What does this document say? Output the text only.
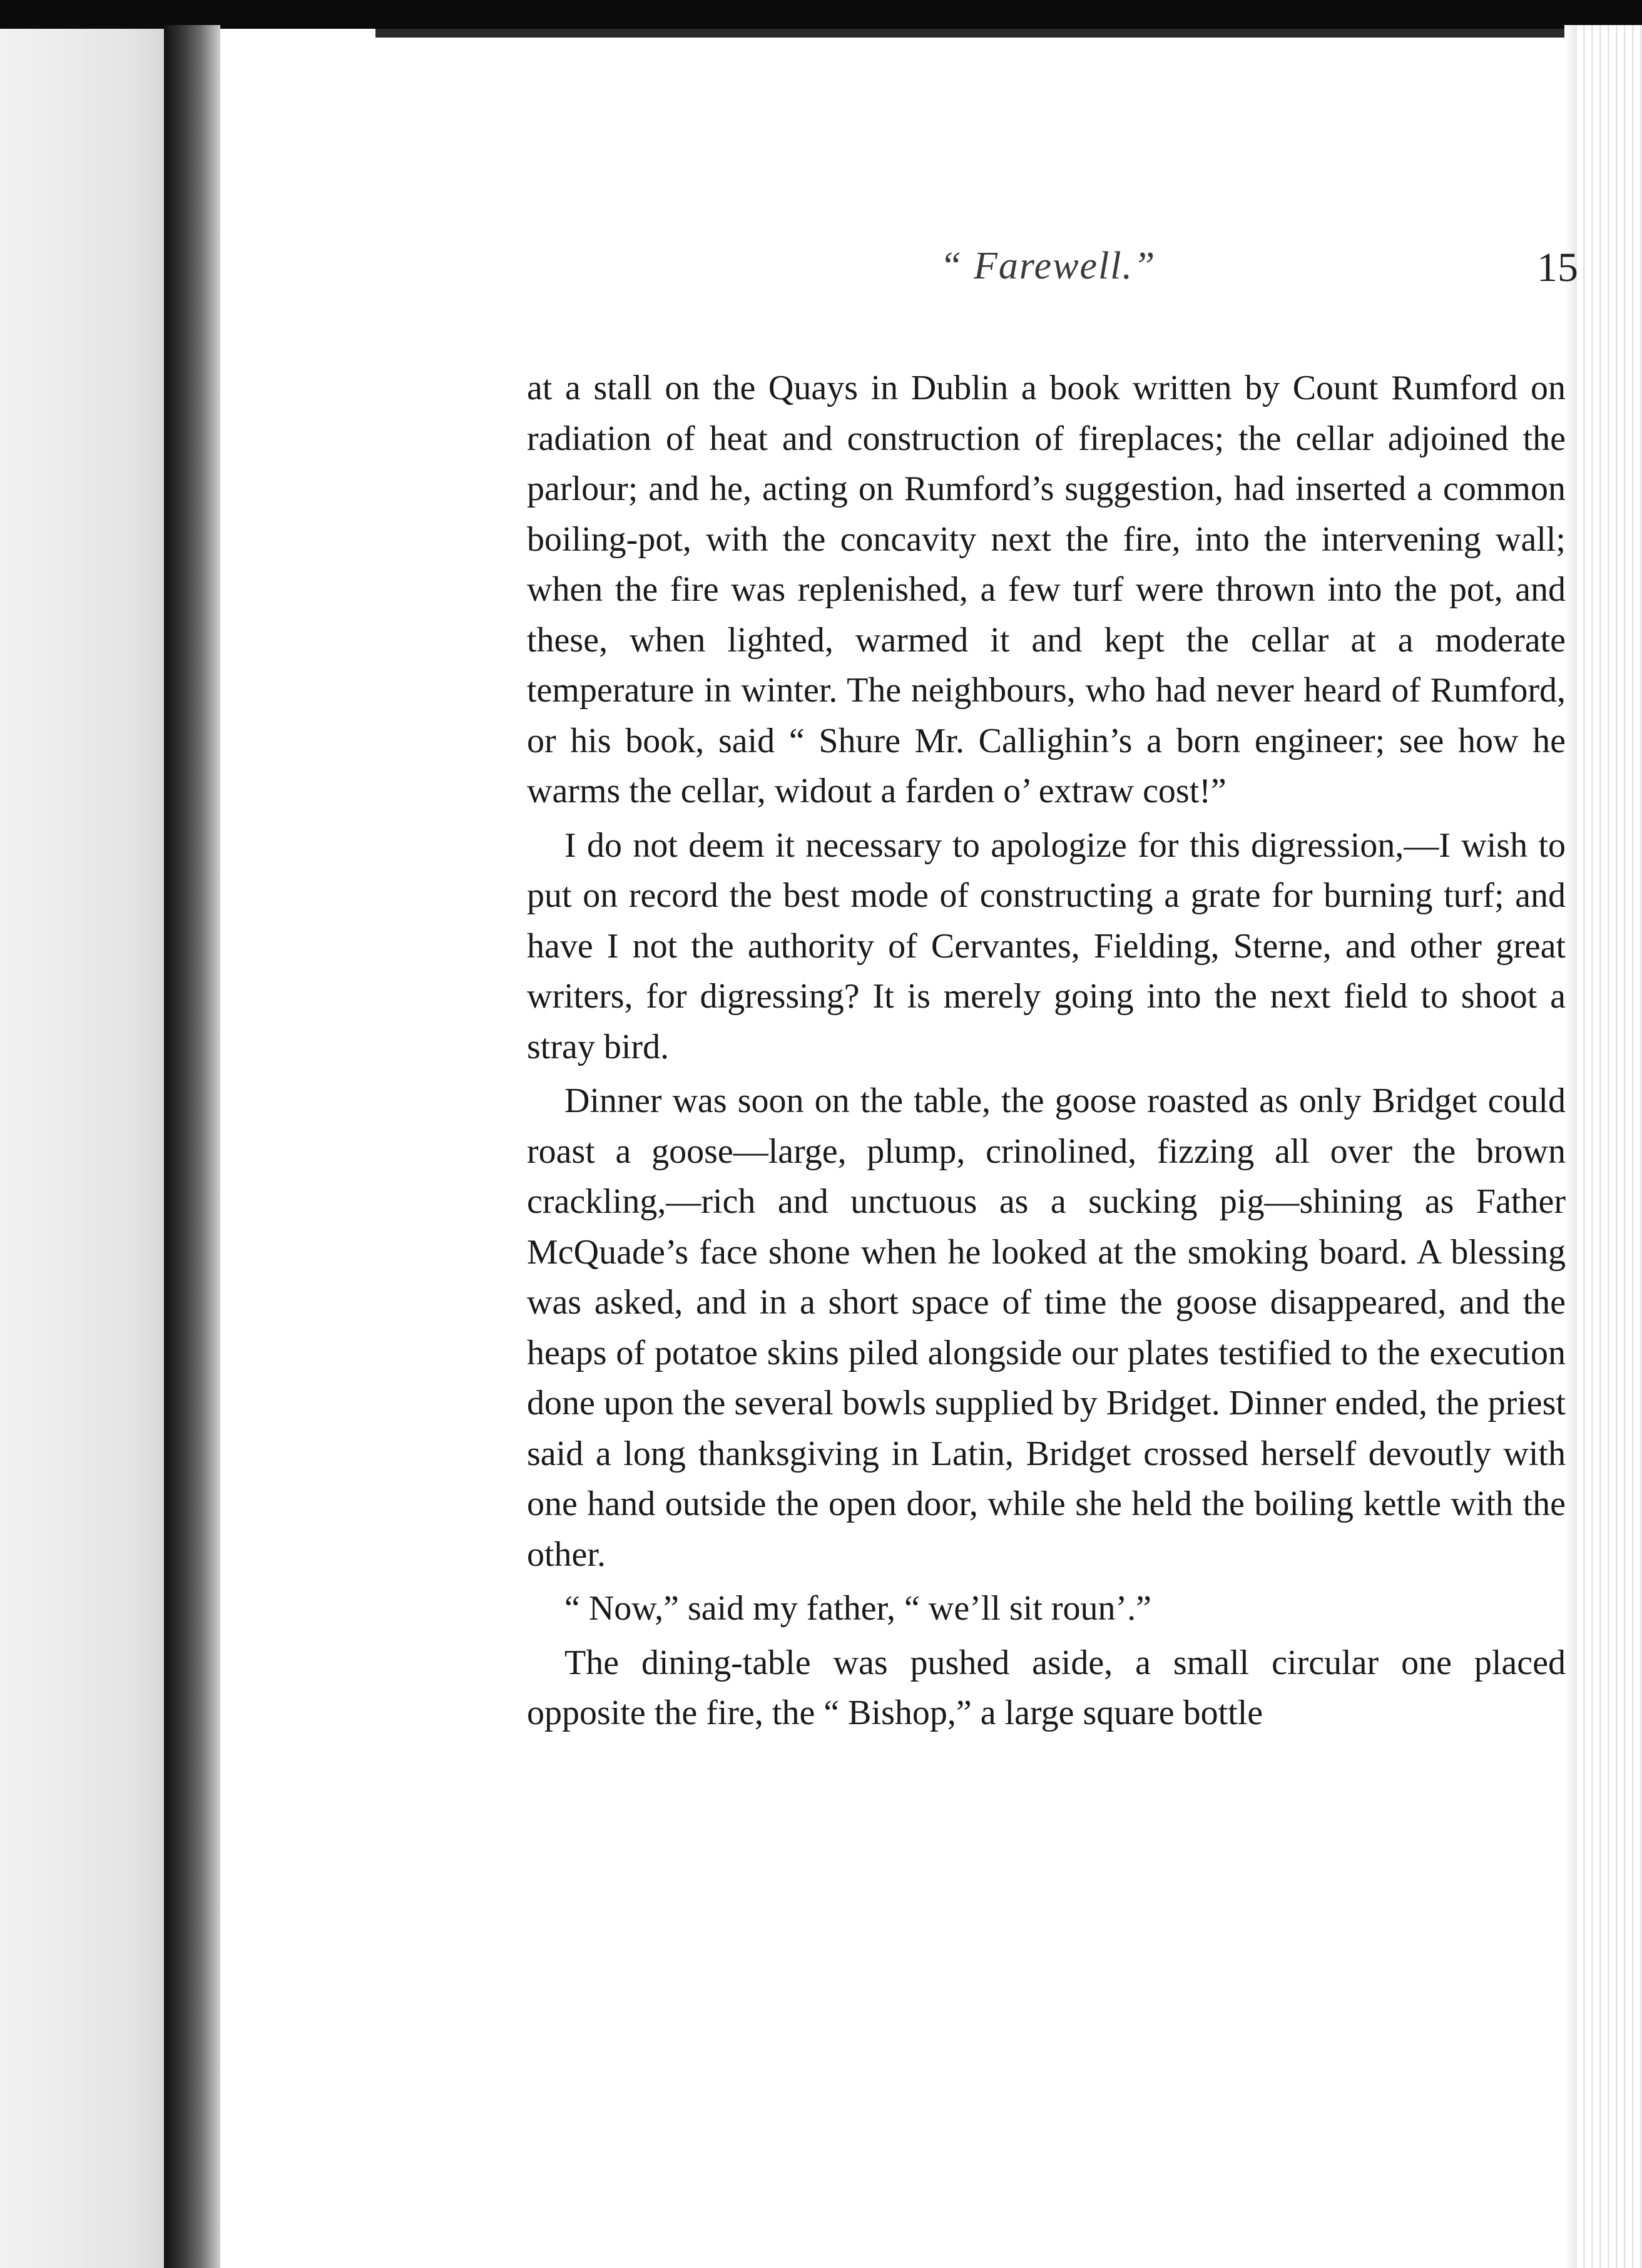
“ Farewell.”	15

at a stall on the Quays in Dublin a book written by Count Rumford on radiation of heat and construction of fireplaces; the cellar adjoined the parlour; and he, acting on Rumford’s suggestion, had inserted a common boiling-pot, with the concavity next the fire, into the intervening wall; when the fire was replenished, a few turf were thrown into the pot, and these, when lighted, warmed it and kept the cellar at a moderate temperature in winter. The neighbours, who had never heard of Rumford, or his book, said “ Shure Mr. Callighin’s a born engineer; see how he warms the cellar, widout a farden o’ extraw cost!”

I do not deem it necessary to apologize for this digression,—I wish to put on record the best mode of constructing a grate for burning turf; and have I not the authority of Cervantes, Fielding, Sterne, and other great writers, for digressing? It is merely going into the next field to shoot a stray bird.

Dinner was soon on the table, the goose roasted as only Bridget could roast a goose—large, plump, crinolined, fizzing all over the brown crackling,—rich and unctuous as a sucking pig—shining as Father McQuade’s face shone when he looked at the smoking board. A blessing was asked, and in a short space of time the goose disappeared, and the heaps of potatoe skins piled alongside our plates testified to the execution done upon the several bowls supplied by Bridget. Dinner ended, the priest said a long thanksgiving in Latin, Bridget crossed herself devoutly with one hand outside the open door, while she held the boiling kettle with the other.

“ Now,” said my father, “ we’ll sit roun’.”

The dining-table was pushed aside, a small circular one placed opposite the fire, the “ Bishop,” a large square bottle
